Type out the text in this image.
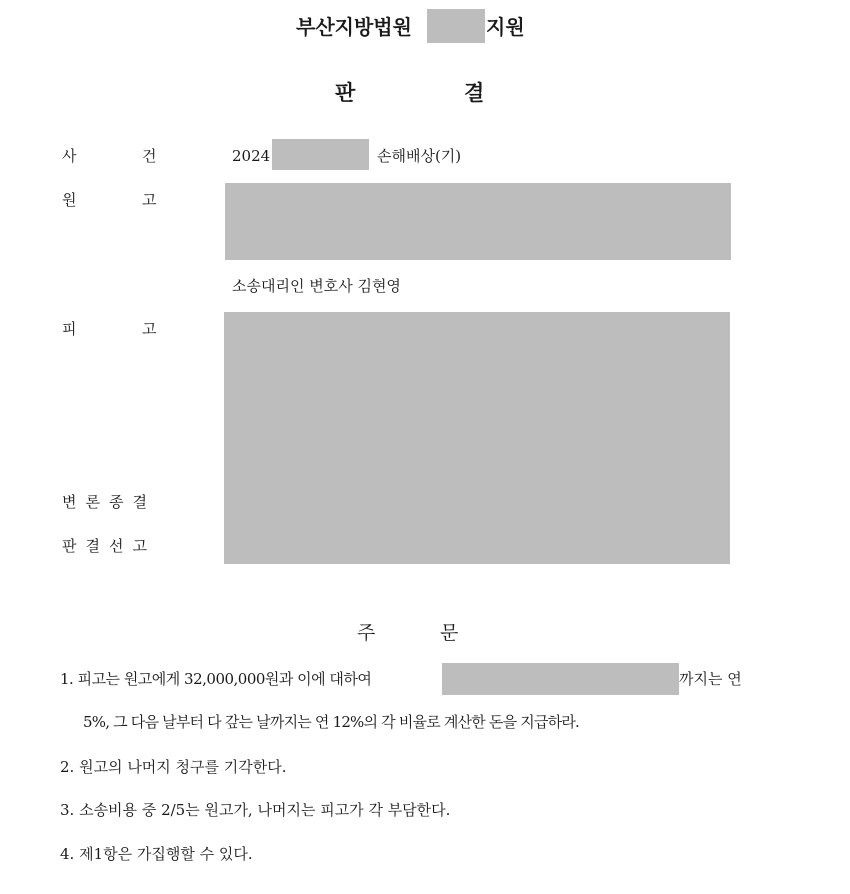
부산지방법원	지원
판	결
사	건	2024	손해배상(기)
원	고
소송대리인 변호사 김현영
피	고
변론종결
판결선고
주	문
1. 피고는 원고에게 32,000,000원과 이에 대하여	까지는 연
5%, 그 다음 날부터 다 갚는 날까지는 연 12%의 각 비율로 계산한 돈을 지급하라.
2. 원고의 나머지 청구를 기각한다.
3. 소송비용 중 2/5는 원고가, 나머지는 피고가 각 부담한다.
4. 제1항은 가집행할 수 있다.
